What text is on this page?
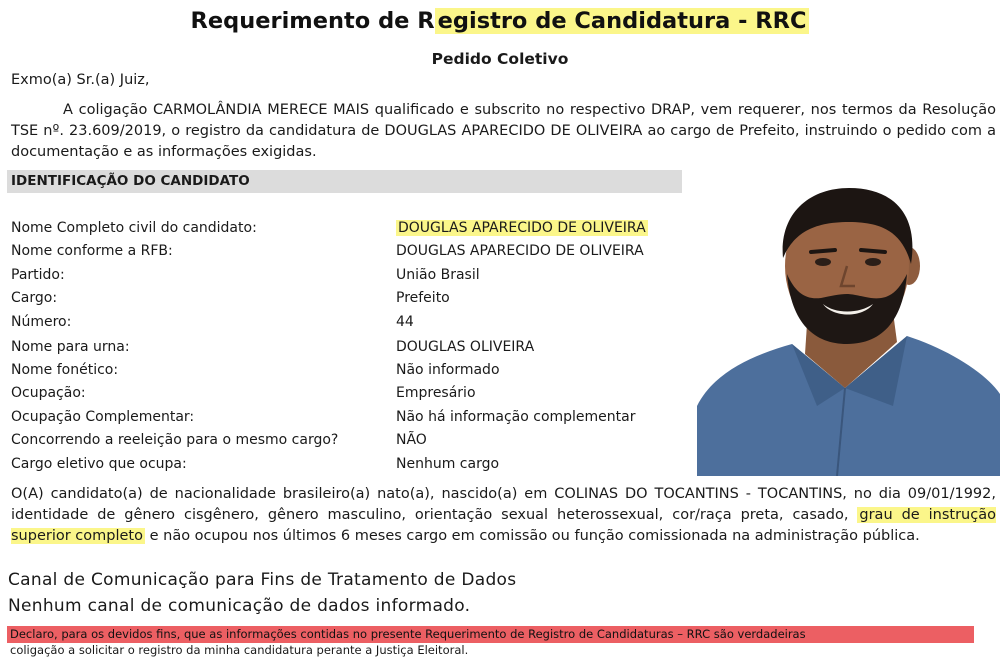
Requerimento de R egistro de Candidatura - RRC
Pedido Coletivo
Exmo(a) Sr.(a) Juiz,
A coligação CARMOLÂNDIA MERECE MAIS qualificado e subscrito no respectivo DRAP, vem requerer, nos termos da Resolução TSE nº. 23.609/2019, o registro da candidatura de DOUGLAS APARECIDO DE OLIVEIRA ao cargo de Prefeito, instruindo o pedido com a documentação e as informações exigidas.
IDENTIFICAÇÃO DO CANDIDATO
Nome Completo civil do candidato:	DOUGLAS APARECIDO DE OLIVEIRA
Nome conforme a RFB:	DOUGLAS APARECIDO DE OLIVEIRA
Partido:	União Brasil
Cargo:	Prefeito
Número:	44
Nome para urna:	DOUGLAS OLIVEIRA
Nome fonético:	Não informado
Ocupação:	Empresário
Ocupação Complementar:	Não há informação complementar
Concorrendo a reeleição para o mesmo cargo?	NÃO
Cargo eletivo que ocupa:	Nenhum cargo
O(A) candidato(a) de nacionalidade brasileiro(a) nato(a), nascido(a) em COLINAS DO TOCANTINS - TOCANTINS, no dia 09/01/1992, identidade de gênero cisgênero, gênero masculino, orientação sexual heterossexual, cor/raça preta, casado, grau de instrução superior completo e não ocupou nos últimos 6 meses cargo em comissão ou função comissionada na administração pública.
Canal de Comunicação para Fins de Tratamento de Dados
Nenhum canal de comunicação de dados informado.
Declaro, para os devidos fins, que as informações contidas no presente Requerimento de Registro de Candidaturas – RRC são verdadeiras
coligação a solicitar o registro da minha candidatura perante a Justiça Eleitoral.
